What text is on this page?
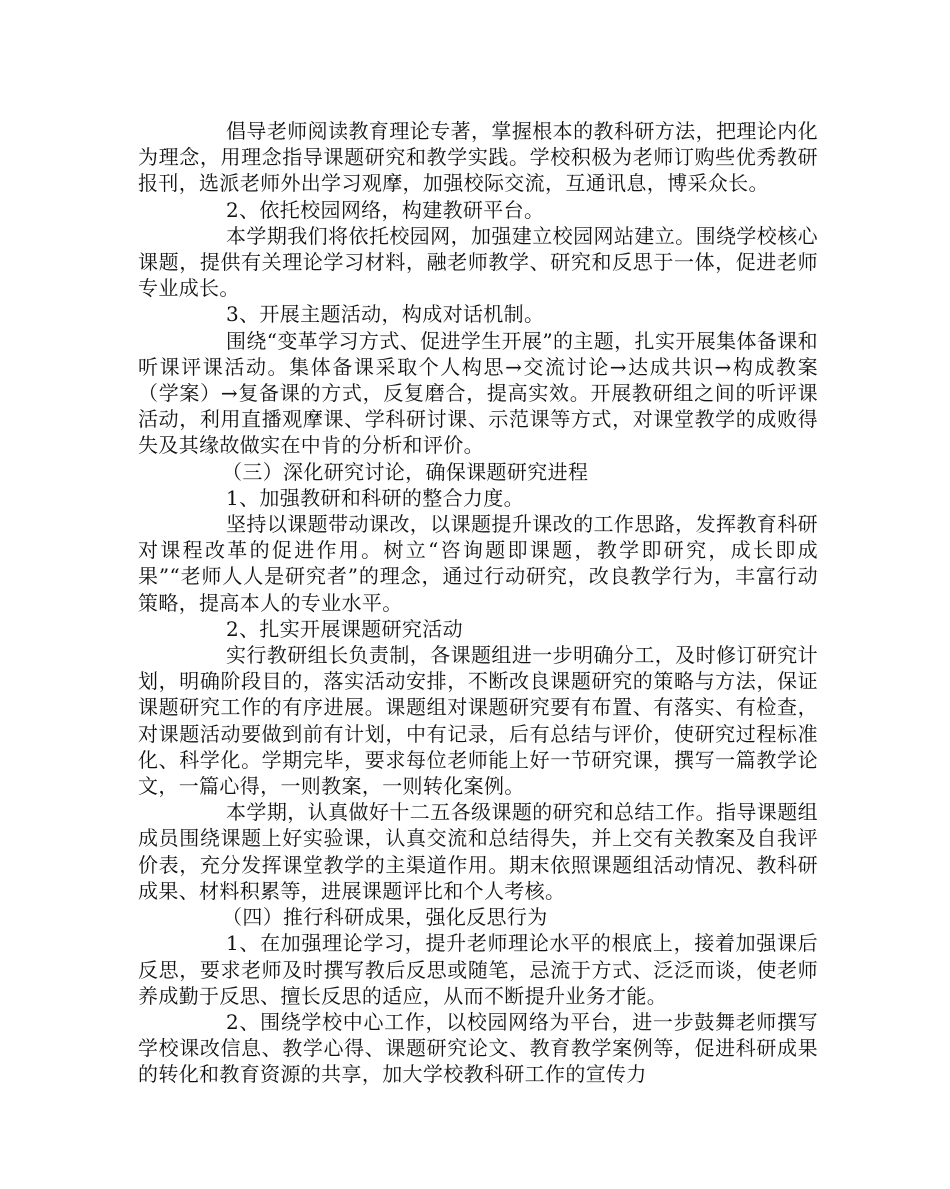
倡导老师阅读教育理论专著，掌握根本的教科研方法，把理论内化为理念，用理念指导课题研究和教学实践。学校积极为老师订购些优秀教研报刊，选派老师外出学习观摩，加强校际交流，互通讯息，博采众长。

2、依托校园网络，构建教研平台。

本学期我们将依托校园网，加强建立校园网站建立。围绕学校核心课题，提供有关理论学习材料，融老师教学、研究和反思于一体，促进老师专业成长。

3、开展主题活动，构成对话机制。

围绕“变革学习方式、促进学生开展”的主题，扎实开展集体备课和听课评课活动。集体备课采取个人构思→交流讨论→达成共识→构成教案（学案）→复备课的方式，反复磨合，提高实效。开展教研组之间的听评课活动，利用直播观摩课、学科研讨课、示范课等方式，对课堂教学的成败得失及其缘故做实在中肯的分析和评价。

（三）深化研究讨论，确保课题研究进程

1、加强教研和科研的整合力度。

坚持以课题带动课改，以课题提升课改的工作思路，发挥教育科研对课程改革的促进作用。树立“咨询题即课题，教学即研究，成长即成果”“老师人人是研究者”的理念，通过行动研究，改良教学行为，丰富行动策略，提高本人的专业水平。

2、扎实开展课题研究活动

实行教研组长负责制，各课题组进一步明确分工，及时修订研究计划，明确阶段目的，落实活动安排，不断改良课题研究的策略与方法，保证课题研究工作的有序进展。课题组对课题研究要有布置、有落实、有检查，对课题活动要做到前有计划，中有记录，后有总结与评价，使研究过程标准化、科学化。学期完毕，要求每位老师能上好一节研究课，撰写一篇教学论文，一篇心得，一则教案，一则转化案例。

本学期，认真做好十二五各级课题的研究和总结工作。指导课题组成员围绕课题上好实验课，认真交流和总结得失，并上交有关教案及自我评价表，充分发挥课堂教学的主渠道作用。期末依照课题组活动情况、教科研成果、材料积累等，进展课题评比和个人考核。

（四）推行科研成果，强化反思行为

1、在加强理论学习，提升老师理论水平的根底上，接着加强课后反思，要求老师及时撰写教后反思或随笔，忌流于方式、泛泛而谈，使老师养成勤于反思、擅长反思的适应，从而不断提升业务才能。

2、围绕学校中心工作，以校园网络为平台，进一步鼓舞老师撰写学校课改信息、教学心得、课题研究论文、教育教学案例等，促进科研成果的转化和教育资源的共享，加大学校教科研工作的宣传力
